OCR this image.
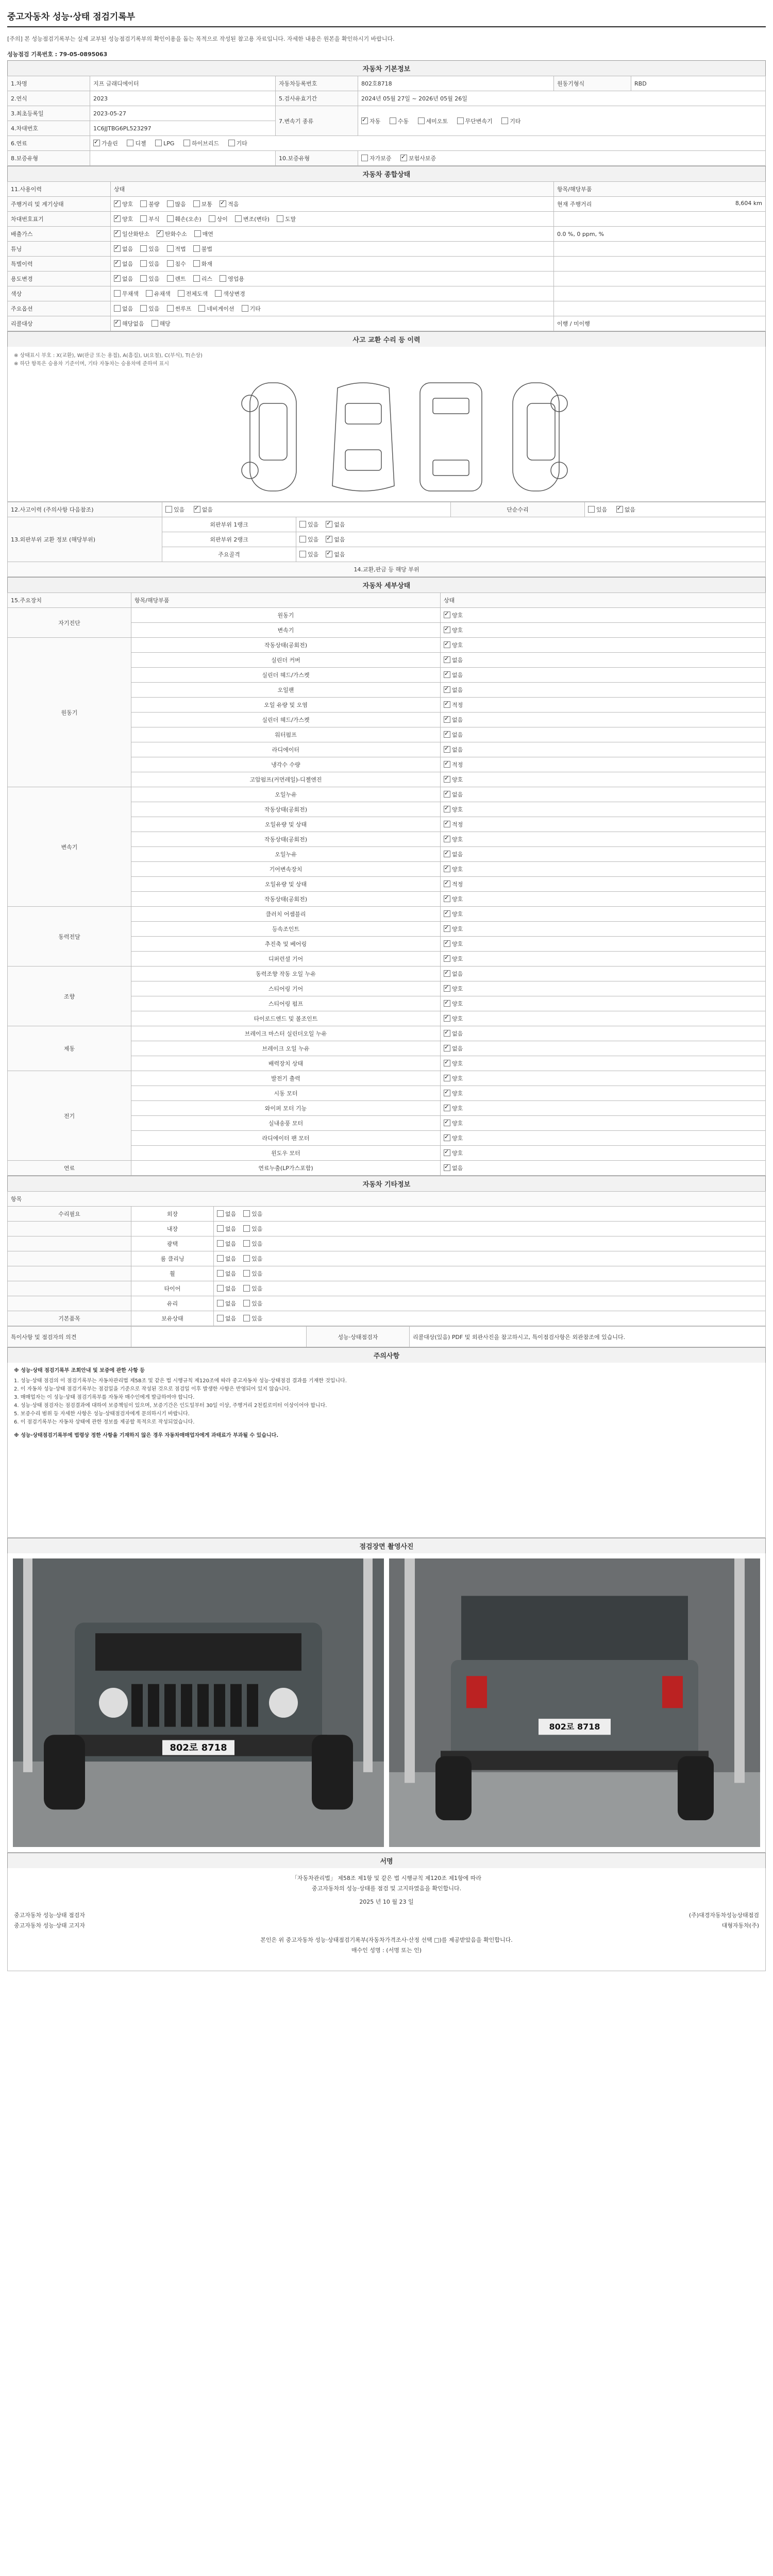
중고자동차 성능·상태 점검기록부
[주의] 본 성능점검기록부는 실제 교부된 성능점검기록부의 확인이용을 돕는 목적으로 작성된 참고용 자료입니다. 자세한 내용은 원본을 확인하시기 바랍니다.
성능점검 기록번호 : 79-05-0895063
자동차 기본정보
1.차명	지프 글래디에이터	자동차등록번호	802호8718	원동기형식	RBD
2.연식	2023	5.검사유효기간	2024년 05월 27일 ~ 2026년 05월 26일		
3.최초등록일	2023-05-27	7.변속기 종류	✓자동 수동 세미오토 무단변속기 기타
4.차대번호	1C6JJTBG6PL523297				
6.연료	✓가솔린 디젤 LPG 하이브리드 기타
8.보증유형		10.보증유형	자가보증 ✓ 보험사보증
자동차 종합상태
11.사용이력	상태	항목/해당부품
주행거리 및 계기상태	✓양호 불량 많음 보통 ✓ 적음	현재 주행거리 8,604 km

차대번호표기	✓양호 부식 훼손(오손) 상이 변조(변타) 도말	
배출가스	✓일산화탄소 ✓ 탄화수소 매연	0.0 %, 0 ppm, %
튜닝	✓없음 있음 적법 불법	
특별이력	✓없음 있음 침수 화재	
용도변경	✓없음 있음 렌트 리스 영업용	
색상	무채색 유채색 전체도색 색상변경	
주요옵션	없음 있음 썬루프 네비게이션 기타	
리콜대상	✓해당없음 해당	이행 / 미이행
사고 교환 수리 등 이력
※ 상태표시 부호 : X(교환), W(판금 또는 용접), A(흠집), U(요철), C(부식), T(손상)
※ 하단 항목은 승용차 기준이며, 기타 자동차는 승용차에 준하여 표시
12.사고이력 (주의사항 다음참조)	있음 ✓ 없음		단순수리	있음 ✓ 없음
13.외판부위 교환 정보 (해당부위)	외판부위 1랭크	있음 ✓ 없음
	외판부위 2랭크	있음 ✓ 없음
	주요골격	있음 ✓ 없음
14.교환,판금 등 해당 부위				
자동차 세부상태
15.주요장치	항목/해당부품	상태
자기진단	원동기	✓양호
	변속기	✓양호
원동기	작동상태(공회전)	✓양호
	실린더 커버	✓없음
	실린더 헤드/가스켓	✓없음
	오일팬	✓없음
	오일 유량 및 오염	✓적정
	실린더 헤드/가스켓	✓없음
	워터펌프	✓없음
	라디에이터	✓없음
	냉각수 수량	✓적정
	고압펌프(커먼레일)-디젤엔진	✓양호
변속기	오일누유	✓없음
	작동상태(공회전)	✓양호
	오일유량 및 상태	✓적정
	작동상태(공회전)	✓양호
	오일누유	✓없음
	기어변속장치	✓양호
	오일유량 및 상태	✓적정
	작동상태(공회전)	✓양호
동력전달	클러치 어셈블리	✓양호
	등속조인트	✓양호
	추진축 및 베어링	✓양호
	디퍼런셜 기어	✓양호
조향	동력조향 작동 오일 누유	✓없음
	스티어링 기어	✓양호
	스티어링 펌프	✓양호
	타이로드엔드 및 볼조인트	✓양호
제동	브레이크 마스터 실린더오일 누유	✓없음
	브레이크 오일 누유	✓없음
	배력장치 상태	✓양호
전기	발전기 출력	✓양호
	시동 모터	✓양호
	와이퍼 모터 기능	✓양호
	실내송풍 모터	✓양호
	라디에이터 팬 모터	✓양호
	윈도우 모터	✓양호
연료	연료누출(LP가스포함)	✓없음
자동차 기타정보
항목		
수리필요	외장	없음 있음
	내장	없음 있음
	광택	없음 있음
	룸 클리닝	없음 있음
	휠	없음 있음
	타이어	없음 있음
	유리	없음 있음
기본품목	보유상태	없음 있음
특이사항 및 점검자의 의견		성능·상태점검자	리콜대상(있음) PDF 및 외관사진을 참고하시고, 특이점검사항은 외관참조에 있습니다.
주의사항
※ 성능·상태 점검기록부 조회안내 및 보증에 관한 사항 등
1. 성능·상태 점검의 이 점검기록부는 자동차관리법 제58조 및 같은 법 시행규칙 제120조에 따라 중고자동차 성능·상태점검 결과를 기재한 것입니다.
2. 이 자동차 성능·상태 점검기록부는 점검일을 기준으로 작성된 것으로 점검일 이후 발생한 사항은 반영되어 있지 않습니다.
3. 매매업자는 이 성능·상태 점검기록부를 자동차 매수인에게 발급하여야 합니다.
4. 성능·상태 점검자는 점검결과에 대하여 보증책임이 있으며, 보증기간은 인도일부터 30일 이상, 주행거리 2천킬로미터 이상이어야 합니다.
5. 보증수리 범위 등 자세한 사항은 성능·상태점검자에게 문의하시기 바랍니다.
6. 이 점검기록부는 자동차 상태에 관한 정보를 제공할 목적으로 작성되었습니다.
※ 성능·상태점검기록부에 법령상 정한 사항을 기재하지 않은 경우 자동차매매업자에게 과태료가 부과될 수 있습니다.
점검장면 촬영사진
802로 8718
802로 8718
서명
「자동차관리법」 제58조 제1항 및 같은 법 시행규칙 제120조 제1항에 따라
중고자동차의 성능·상태를 점검 및 고지하였음을 확인합니다.
2025 년 10 월 23 일
중고자동차 성능·상태 점검자	(주)대경자동차성능상태점검
중고자동차 성능·상태 고지자	대형자동차(주)
본인은 위 중고자동차 성능·상태점검기록부(자동차가격조사·산정 선택 □)를 제공받았음을 확인합니다.
매수인 성명 : (서명 또는 인)
